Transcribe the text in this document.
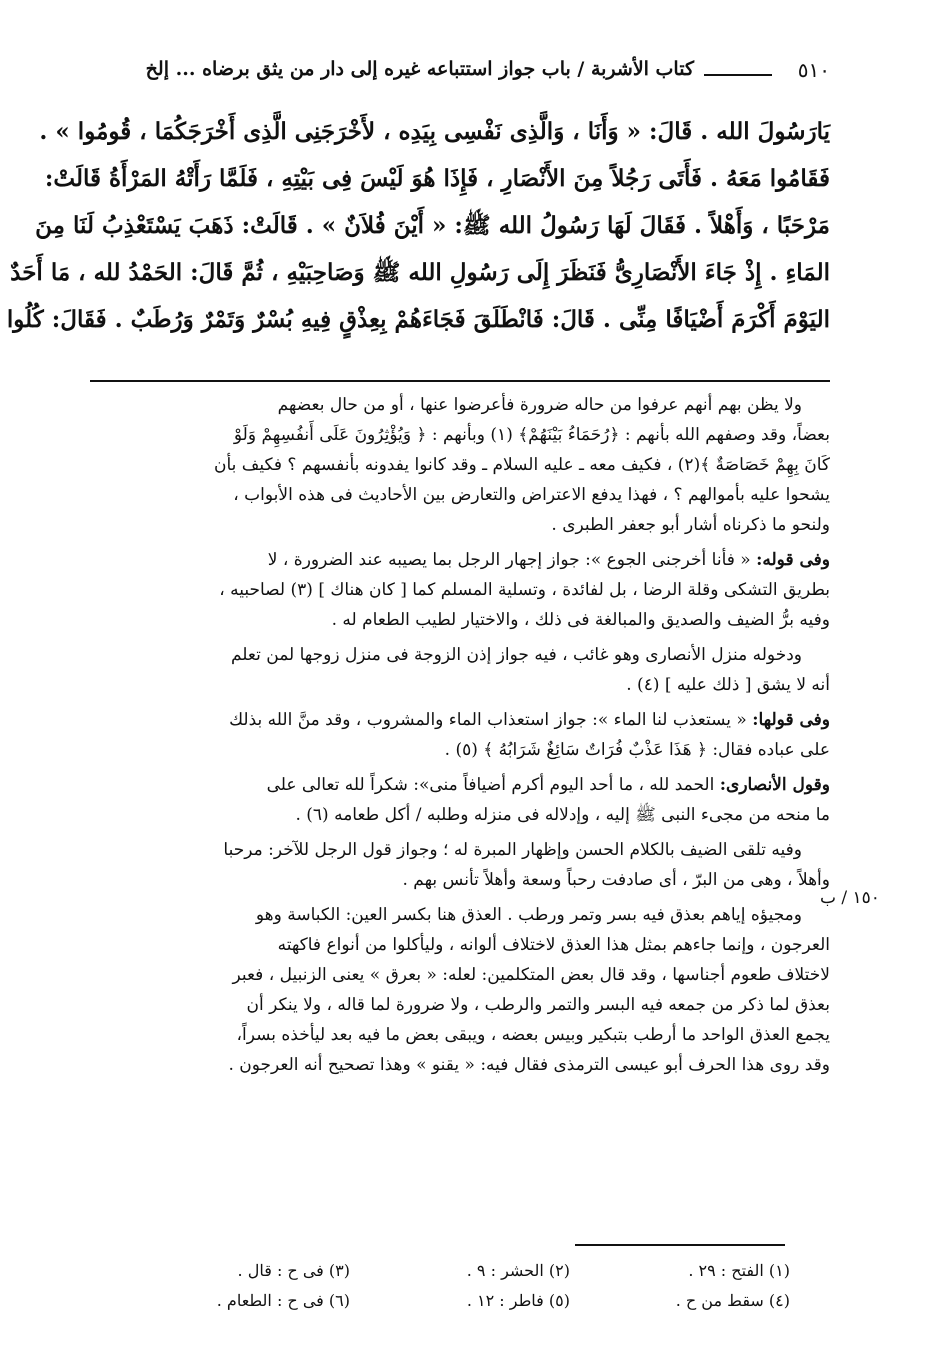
٥١٠
كتاب الأشربة / باب جواز استتباعه غيره إلى دار من يثق برضاه ... إلخ

يَارَسُولَ الله . قَالَ: « وَأَنَا ، وَالَّذِى نَفْسِى بِيَدِه ، لأَخْرَجَنِى الَّذِى أَخْرَجَكُمَا ، قُومُوا » .

فَقَامُوا مَعَهُ . فَأَتَى رَجُلاً مِنَ الأَنْصَارِ ، فَإِذَا هُوَ لَيْسَ فِى بَيْتِهِ ، فَلَمَّا رَأَتْهُ المَرْأَةُ قَالَتْ:

مَرْحَبًا ، وَأَهْلاً . فَقَالَ لَهَا رَسُولُ الله ﷺ: « أَيْنَ فُلاَنٌ » . قَالَتْ: ذَهَبَ يَسْتَعْذِبُ لَنَا مِنَ

المَاءِ . إِذْ جَاءَ الأَنْصَارِىُّ فَنَظَرَ إِلَى رَسُولِ الله ﷺ وَصَاحِبَيْهِ ، ثُمَّ قَالَ: الحَمْدُ لله ، مَا أَحَدٌ

اليَوْمَ أَكْرَمَ أَضْيَافًا مِنِّى . قَالَ: فَانْطَلَقَ فَجَاءَهُمْ بِعِذْقٍ فِيهِ بُسْرٌ وَتَمْرٌ وَرُطَبٌ . فَقَالَ: كُلُوا

ولا يظن بهم أنهم عرفوا من حاله ضرورة فأعرضوا عنها ، أو من حال بعضهم
بعضاً، وقد وصفهم الله بأنهم : ﴿رُحَمَاءُ بَيْنَهُمْ﴾ (١) وبأنهم : ﴿ وَيُؤْثِرُونَ عَلَى أَنفُسِهِمْ وَلَوْ
كَانَ بِهِمْ خَصَاصَةٌ ﴾(٢) ، فكيف معه ـ عليه السلام ـ وقد كانوا يفدونه بأنفسهم ؟ فكيف بأن
يشحوا عليه بأموالهم ؟ ، فهذا يدفع الاعتراض والتعارض بين الأحاديث فى هذه الأبواب ،
ولنحو ما ذكرناه أشار أبو جعفر الطبرى .
وفى قوله: « فأنا أخرجنى الجوع »: جواز إجهار الرجل بما يصيبه عند الضرورة ، لا
بطريق التشكى وقلة الرضا ، بل لفائدة ، وتسلية المسلم كما [ كان هناك ] (٣) لصاحبيه ،
وفيه برُّ الضيف والصديق والمبالغة فى ذلك ، والاختيار لطيب الطعام له .
ودخوله منزل الأنصارى وهو غائب ، فيه جواز إذن الزوجة فى منزل زوجها لمن تعلم
أنه لا يشق [ ذلك عليه ] (٤) .
وفى قولها: « يستعذب لنا الماء »: جواز استعذاب الماء والمشروب ، وقد منَّ الله بذلك
على عباده فقال: ﴿ هَذَا عَذْبٌ فُرَاتٌ سَائِغٌ شَرَابُهُ ﴾ (٥) .
وقول الأنصارى: الحمد لله ، ما أحد اليوم أكرم أضيافاً منى»: شكراً لله تعالى على
ما منحه من مجىء النبى ﷺ إليه ، وإدلاله فى منزله وطلبه / أكل طعامه (٦) .
وفيه تلقى الضيف بالكلام الحسن وإظهار المبرة له ؛ وجواز قول الرجل للآخر: مرحبا
وأهلاً ، وهى من البرّ ، أى صادفت رحباً وسعة وأهلاً تأنس بهم .
ومجيؤه إياهم بعذق فيه بسر وتمر ورطب . العذق هنا بكسر العين: الكباسة وهو
العرجون ، وإنما جاءهم بمثل هذا العذق لاختلاف ألوانه ، وليأكلوا من أنواع فاكهته
لاختلاف طعوم أجناسها ، وقد قال بعض المتكلمين: لعله: « بعرق » يعنى الزنبيل ، فعبر
بعذق لما ذكر من جمعه فيه البسر والتمر والرطب ، ولا ضرورة لما قاله ، ولا ينكر أن
يجمع العذق الواحد ما أرطب بتبكير وبيس بعضه ، ويبقى بعض ما فيه بعد ليأخذه بسراً،
وقد روى هذا الحرف أبو عيسى الترمذى فقال فيه: « يقنو » وهذا تصحيح أنه العرجون .
١٥٠ / ب
(١) الفتح : ٢٩ .
(٢) الحشر : ٩ .
(٣) فى ح : قال .
(٤) سقط من ح .
(٥) فاطر : ١٢ .
(٦) فى ح : الطعام .
